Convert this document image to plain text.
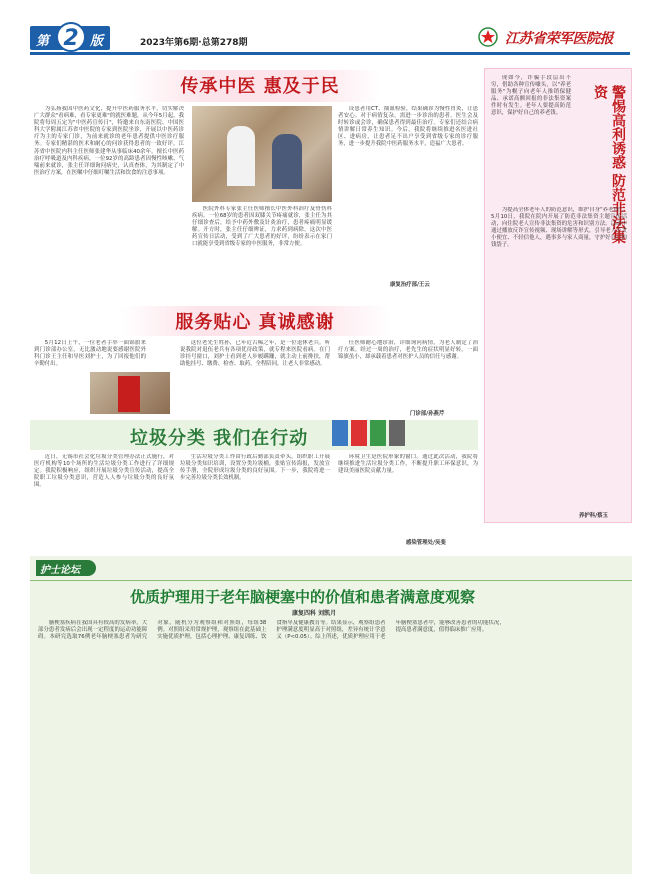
第 2 版	2023年第6期·总第278期	江苏省荣军医院报
传承中医 惠及于民

为弘扬我国中医药文化，提升中医药服务水平，切实解决广大群众"看病难，看专家更难"的就医难题，从今年5月起，我院将每周五定为"中医药宣传日"，特邀来自东南医院、中国医科大学附属江苏省中医院的专家到医院坐诊，开展以中医药诊疗为主的专家门诊，为前来就诊的老年患者提供中医诊疗服务。专家们精湛的医术和耐心的问诊获得患者的一致好评。江苏省中医院内科主任医师张建华从事临床40余年，擅长中医药治疗呼吸道及内科疾病。一位92岁的高龄患者因慢性咳嗽、气喘前来就诊，张主任详细询问病史，认真查体，为其制定了中医治疗方案，在医嘱中仔细叮嘱生活和饮食的注意事项。

医院外科专家张主任医师擅长中医外科治疗及骨伤科疾病。一位68岁的患者因双膝关节疼痛就诊，张主任为其仔细诊查后，给予中药外敷及针灸治疗，患者疼痛明显缓解。开方时，张主任仔细辨证，力求药到病除。这次中医药宣传日活动，受到了广大患者的好评，纷纷表示在家门口就能享受到省级专家的中医服务，非常方便。

设患者用CT、抽血检验，结果确诊为慢性胃炎，让患者安心。对于病情复杂，需进一步诊治的患者，医生会及时转诊或会诊，确保患者得到最佳治疗。专家们还结合病情讲解日常养生知识。今后，我院将继续推进名医进社区、进病房，让患者足不出户享受到省级专家的诊疗服务，进一步提升我院中医药服务水平，造福广大患者。

康复治疗部/王云
服务贴心 真诚感谢

5月12日上午，一位老者手举一面锦旗来到门诊部办公室，无比激动地说要感谢医院外科门诊王主任和导医刘护士，为了回报他们的辛勤付出。

这位老先生姓孙，已年近古稀之年，是一位退休老兵。听说我院对退伍老兵有各项优待政策，就专程来医院看病。在门诊挂号窗口，刘护士看到老人步履蹒跚，就主动上前搀扶，帮助他挂号、缴费、检查、取药，全程陪同，让老人非常感动。

任医师耐心地诊治，详细询问病情，为老人制定了治疗方案。经过一周的治疗，老先生的症状明显好转。一面锦旗虽小，却承载着患者对医护人员的信任与感谢。

门诊部/孙燕芹
垃圾分类 我们在行动

近日，无锡市社会化垃圾分类管理办法正式施行，对医疗机构等10个场所的生活垃圾分类工作进行了详细规定。我院积极响应，组织开展垃圾分类宣传活动，提高全院职工垃圾分类意识，营造人人参与垃圾分类的良好氛围。

生活垃圾分类工作由行政后勤部负责牵头，组织职工开展垃圾分类知识培训，设置分类垃圾桶，张贴宣传海报，发放宣传手册，全院形成垃圾分类的良好氛围。下一步，我院将进一步完善垃圾分类长效机制。

环境卫生是医院形象的窗口。通过此次活动，我院将继续推进生活垃圾分类工作，不断提升职工环保意识，为建设美丽医院贡献力量。

感染管理处/吴斐

现如今，诈骗手段层出不穷，借助各种宣传噱头，以"养老服务"为幌子向老年人推销保健品、承诺高额回报的非法集资案件时有发生。老年人要提高防范意识，保护好自己的养老钱。	警惕高利诱惑 防范非法集资

为提高全体老年人的防范意识，维护自身"养老钱"，5月10日，我院在院内开展了防范非法集资主题宣传活动，向住院老人宣传非法集资的危害和识别方法。活动中通过播放反诈宣传视频、现场讲解等形式，引导老人不贪小便宜、不轻信他人，遇事多与家人商量，守护好自己的钱袋子。

养护科/蔡玉
护士论坛
优质护理用于老年脑梗塞中的价值和患者满意度观察
康复四科 刘凯月

脑梗塞疾病在我国具有较高的发病率，大部分患者发病后会出现一定程度的运动功能障碍。本研究选取76例老年脑梗塞患者为研究对象，随机分为观察组和对照组，每组38例。对照组采用常规护理，观察组在此基础上实施优质护理，包括心理护理、康复训练、饮食指导及健康教育等。结果显示，观察组患者护理满意度明显高于对照组，差异有统计学意义（P<0.05）。综上所述，优质护理应用于老年脑梗塞患者中，能够改善患者的功能状况，提高患者满意度，值得临床推广应用。
